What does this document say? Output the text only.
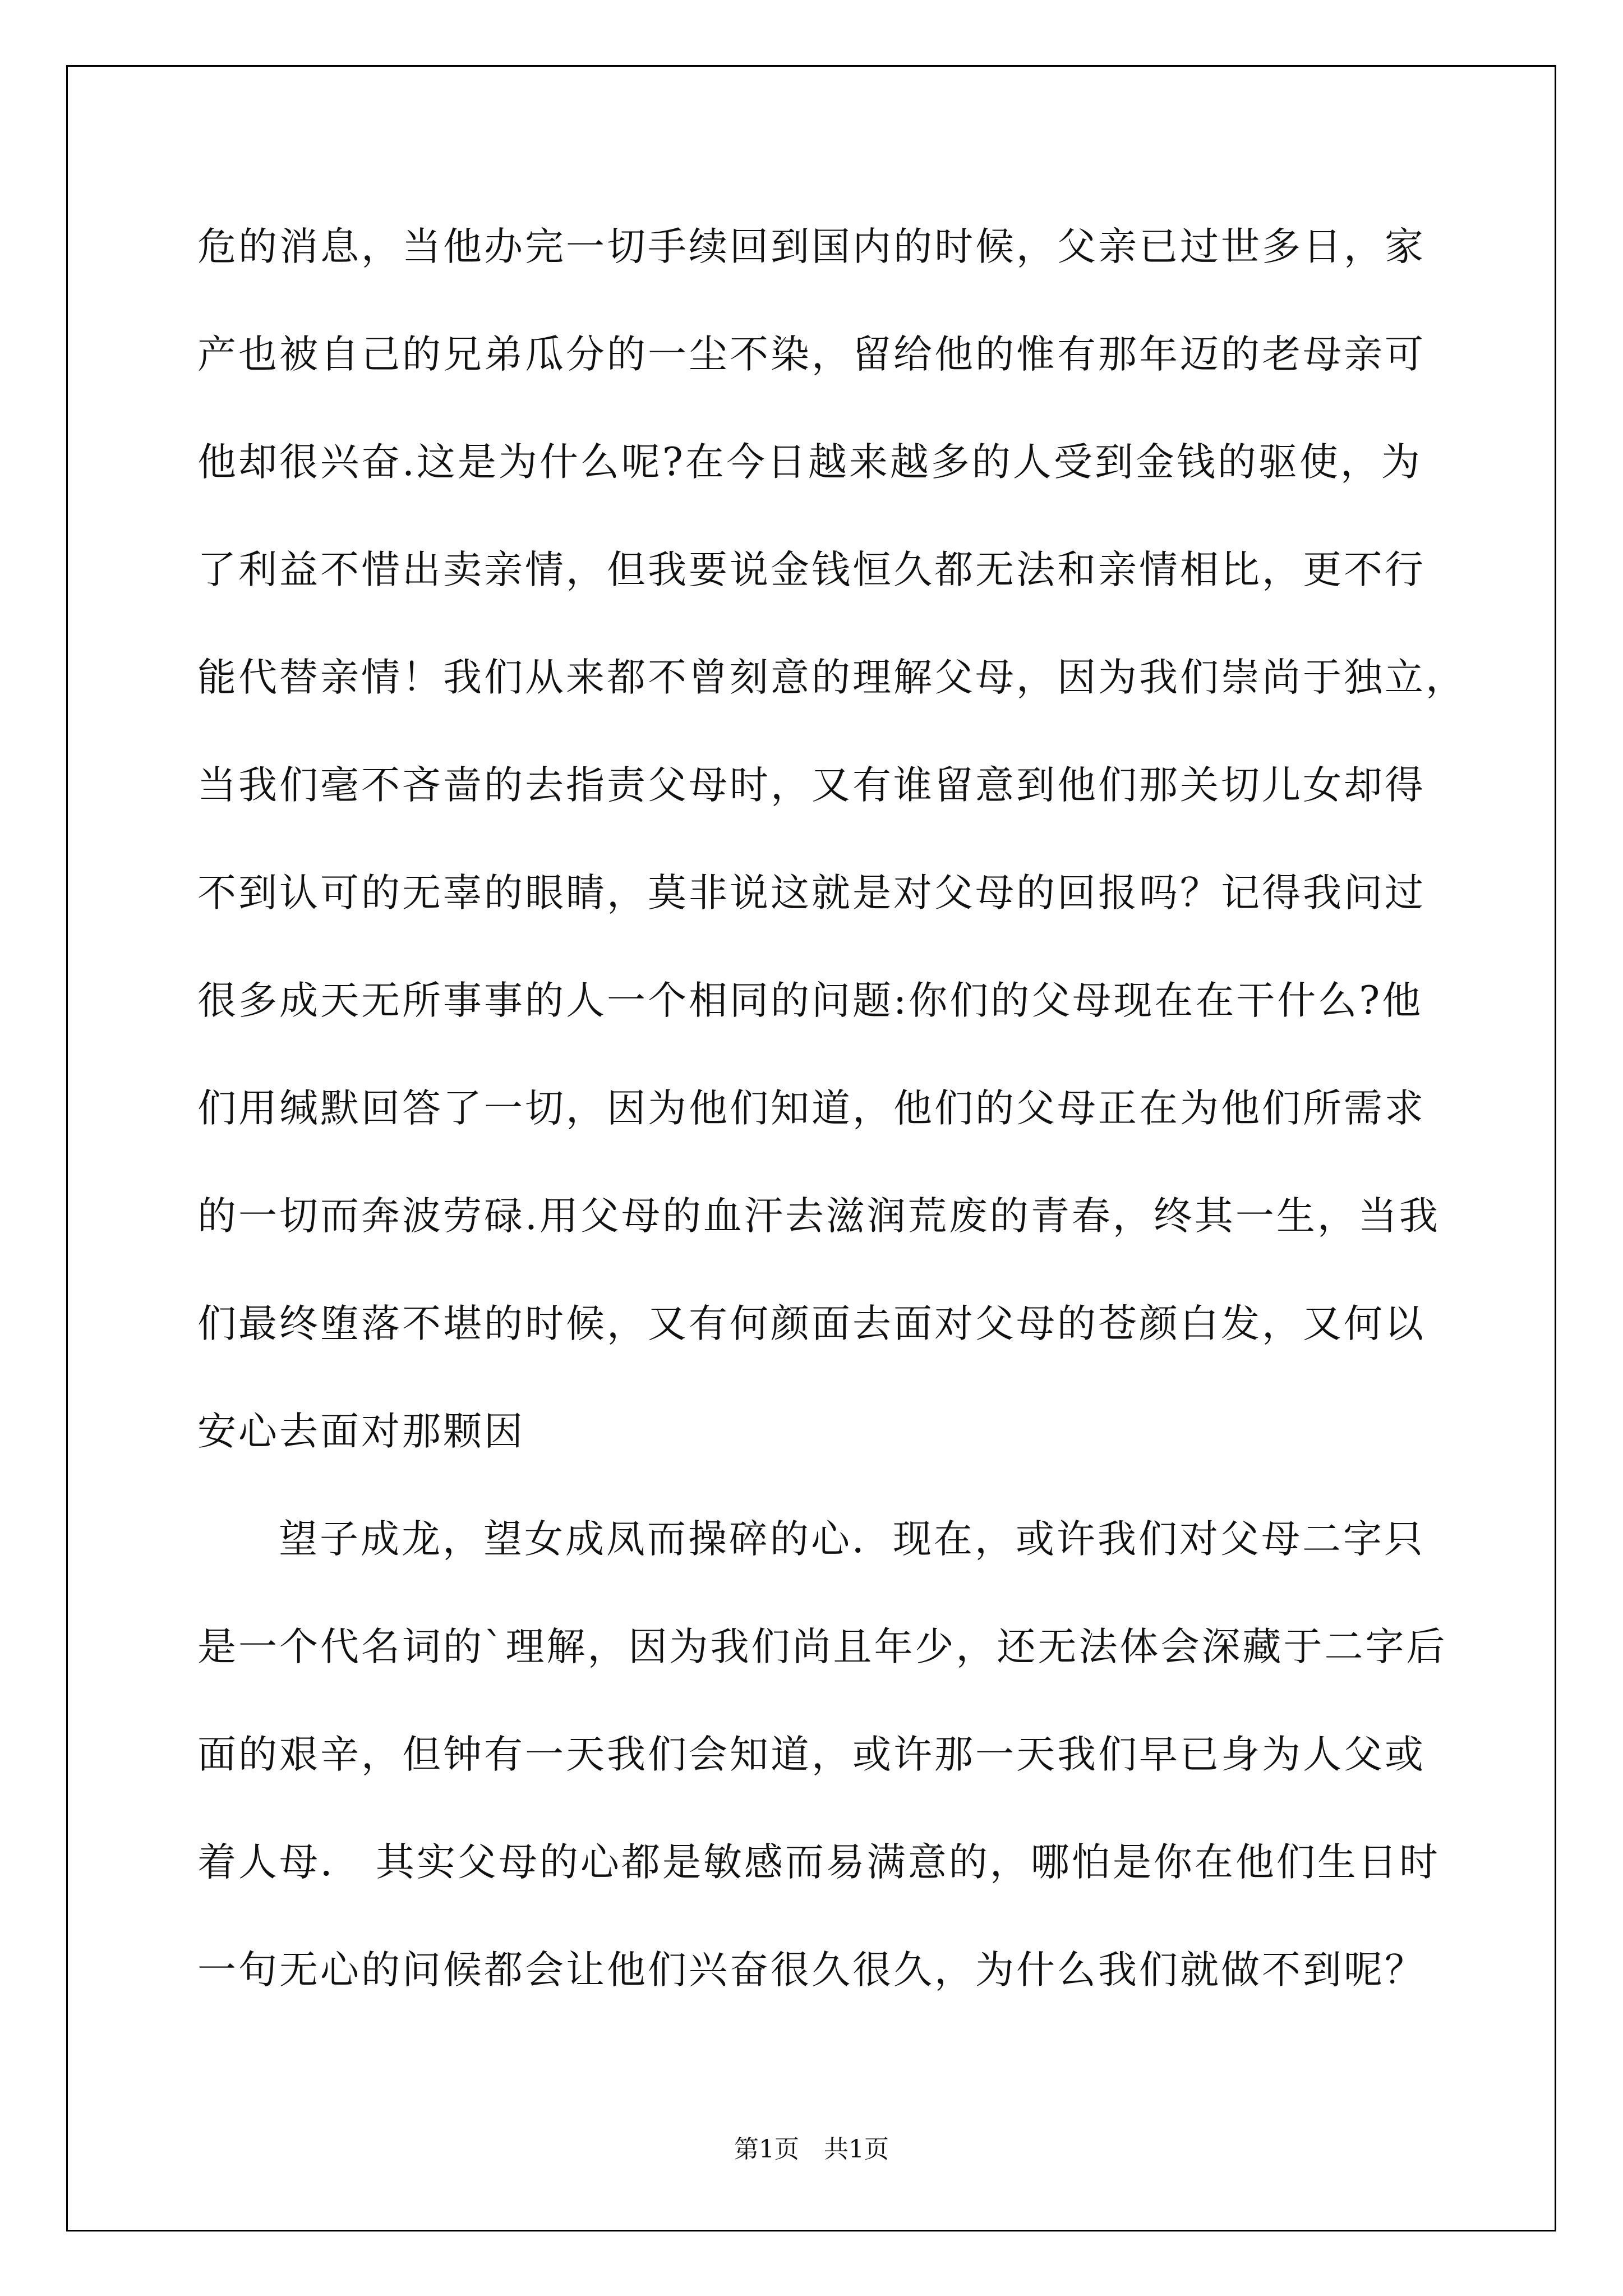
危的消息，当他办完一切手续回到国内的时候，父亲已过世多日，家
产也被自己的兄弟瓜分的一尘不染，留给他的惟有那年迈的老母亲可
他却很兴奋.这是为什么呢?在今日越来越多的人受到金钱的驱使，为
了利益不惜出卖亲情，但我要说金钱恒久都无法和亲情相比，更不行
能代替亲情！我们从来都不曾刻意的理解父母，因为我们崇尚于独立，
当我们毫不吝啬的去指责父母时，又有谁留意到他们那关切儿女却得
不到认可的无辜的眼睛，莫非说这就是对父母的回报吗？记得我问过
很多成天无所事事的人一个相同的问题:你们的父母现在在干什么?他
们用缄默回答了一切，因为他们知道，他们的父母正在为他们所需求
的一切而奔波劳碌.用父母的血汗去滋润荒废的青春，终其一生，当我
们最终堕落不堪的时候，又有何颜面去面对父母的苍颜白发，又何以
安心去面对那颗因
望子成龙，望女成凤而操碎的心．现在，或许我们对父母二字只
是一个代名词的`理解，因为我们尚且年少，还无法体会深藏于二字后
面的艰辛，但钟有一天我们会知道，或许那一天我们早已身为人父或
着人母． 其实父母的心都是敏感而易满意的，哪怕是你在他们生日时
一句无心的问候都会让他们兴奋很久很久，为什么我们就做不到呢？
第1页　共1页
